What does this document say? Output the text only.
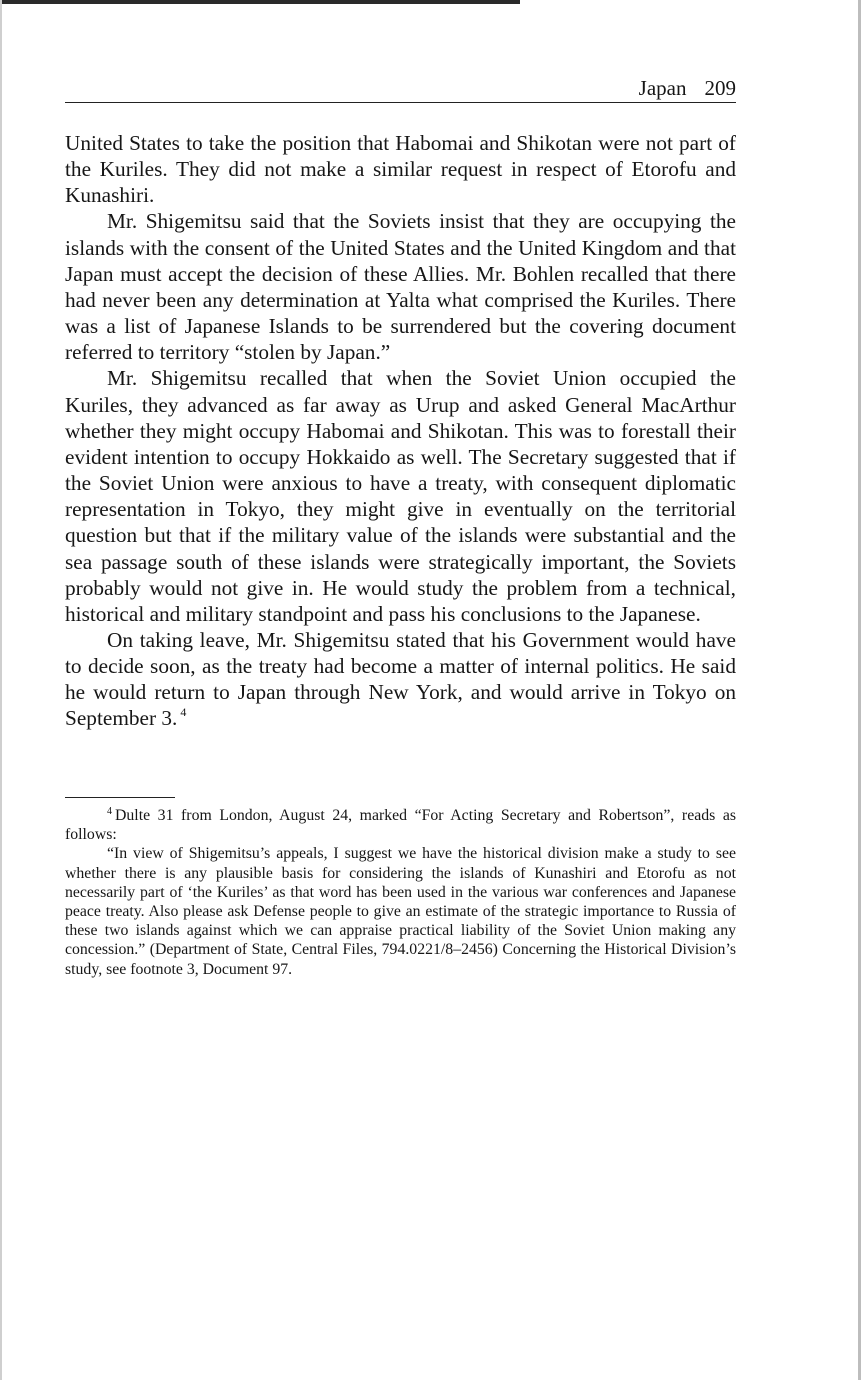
Japan 209

United States to take the position that Habomai and Shikotan were not part of the Kuriles. They did not make a similar request in respect of Etorofu and Kunashiri.

Mr. Shigemitsu said that the Soviets insist that they are occupying the islands with the consent of the United States and the United Kingdom and that Japan must accept the decision of these Allies. Mr. Bohlen recalled that there had never been any determination at Yalta what comprised the Kuriles. There was a list of Japanese Islands to be surrendered but the covering document referred to territory “stolen by Japan.”

Mr. Shigemitsu recalled that when the Soviet Union occupied the Kuriles, they advanced as far away as Urup and asked General MacArthur whether they might occupy Habomai and Shikotan. This was to forestall their evident intention to occupy Hokkaido as well. The Secretary suggested that if the Soviet Union were anxious to have a treaty, with consequent diplomatic representation in Tokyo, they might give in eventually on the territorial question but that if the military value of the islands were substantial and the sea passage south of these islands were strategically important, the Soviets probably would not give in. He would study the problem from a technical, historical and military standpoint and pass his conclusions to the Japanese.

On taking leave, Mr. Shigemitsu stated that his Government would have to decide soon, as the treaty had become a matter of internal politics. He said he would return to Japan through New York, and would arrive in Tokyo on September 3. $^4$

$^4$ Dulte 31 from London, August 24, marked “For Acting Secretary and Robertson”, reads as follows:

“In view of Shigemitsu’s appeals, I suggest we have the historical division make a study to see whether there is any plausible basis for considering the islands of Kunashiri and Etorofu as not necessarily part of ‘the Kuriles’ as that word has been used in the various war conferences and Japanese peace treaty. Also please ask Defense people to give an estimate of the strategic importance to Russia of these two islands against which we can appraise practical liability of the Soviet Union making any concession.” (Department of State, Central Files, 794.0221/8–2456) Concerning the Historical Division’s study, see footnote 3, Document 97.
